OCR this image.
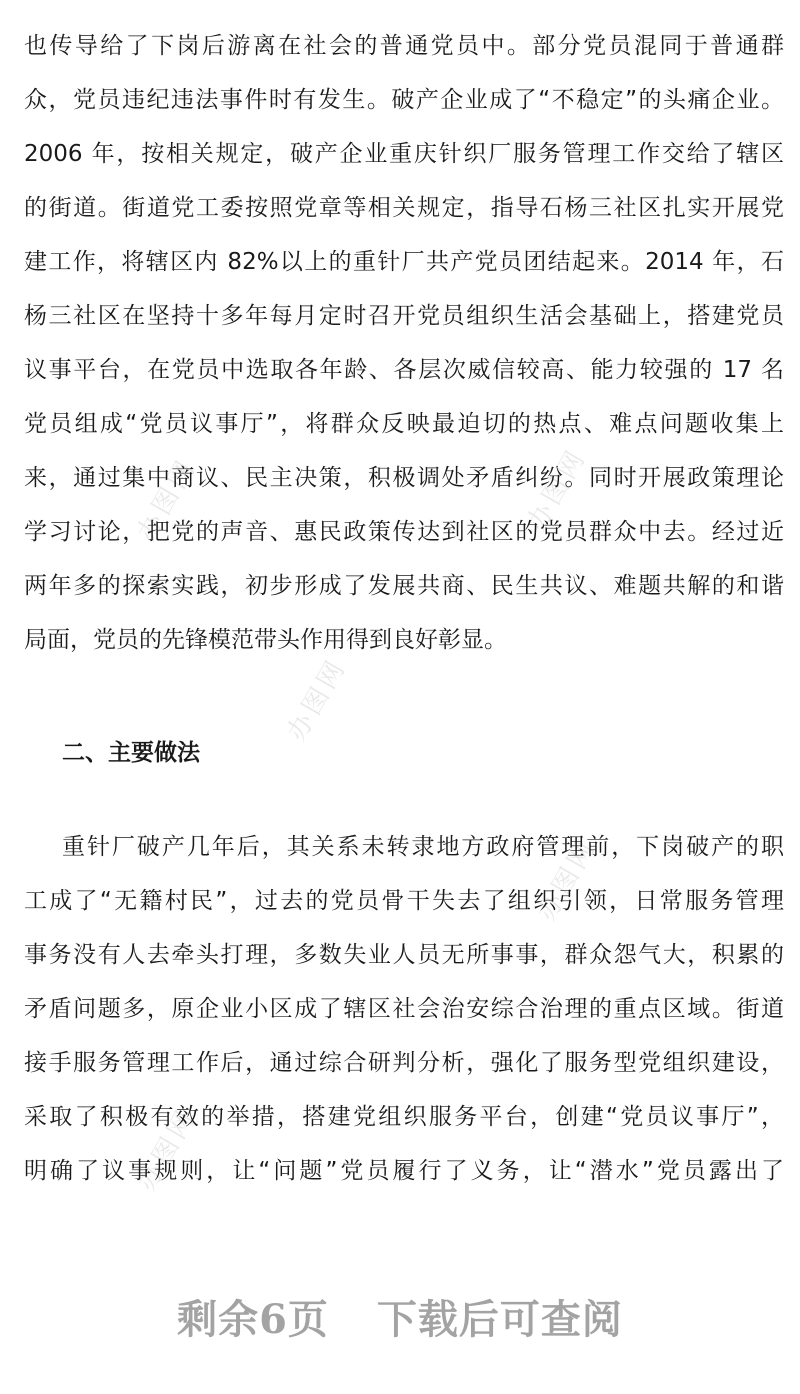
办图网	办图网
办图网
办图网
办图网
也传导给了下岗后游离在社会的普通党员中。部分党员混同于普通群
众，党员违纪违法事件时有发生。破产企业成了“不稳定”的头痛企业。
2006 年，按相关规定，破产企业重庆针织厂服务管理工作交给了辖区
的街道。街道党工委按照党章等相关规定，指导石杨三社区扎实开展党
建工作，将辖区内 82%以上的重针厂共产党员团结起来。2014 年，石
杨三社区在坚持十多年每月定时召开党员组织生活会基础上，搭建党员
议事平台，在党员中选取各年龄、各层次威信较高、能力较强的 17 名
党员组成“党员议事厅”，将群众反映最迫切的热点、难点问题收集上
来，通过集中商议、民主决策，积极调处矛盾纠纷。同时开展政策理论
学习讨论，把党的声音、惠民政策传达到社区的党员群众中去。经过近
两年多的探索实践，初步形成了发展共商、民生共议、难题共解的和谐
局面，党员的先锋模范带头作用得到良好彰显。
二、主要做法
重针厂破产几年后，其关系未转隶地方政府管理前，下岗破产的职
工成了“无籍村民”，过去的党员骨干失去了组织引领，日常服务管理
事务没有人去牵头打理，多数失业人员无所事事，群众怨气大，积累的
矛盾问题多，原企业小区成了辖区社会治安综合治理的重点区域。街道
接手服务管理工作后，通过综合研判分析，强化了服务型党组织建设，
采取了积极有效的举措，搭建党组织服务平台，创建“党员议事厅”，
明确了议事规则，让“问题”党员履行了义务，让“潜水”党员露出了
剩余6页 下载后可查阅
